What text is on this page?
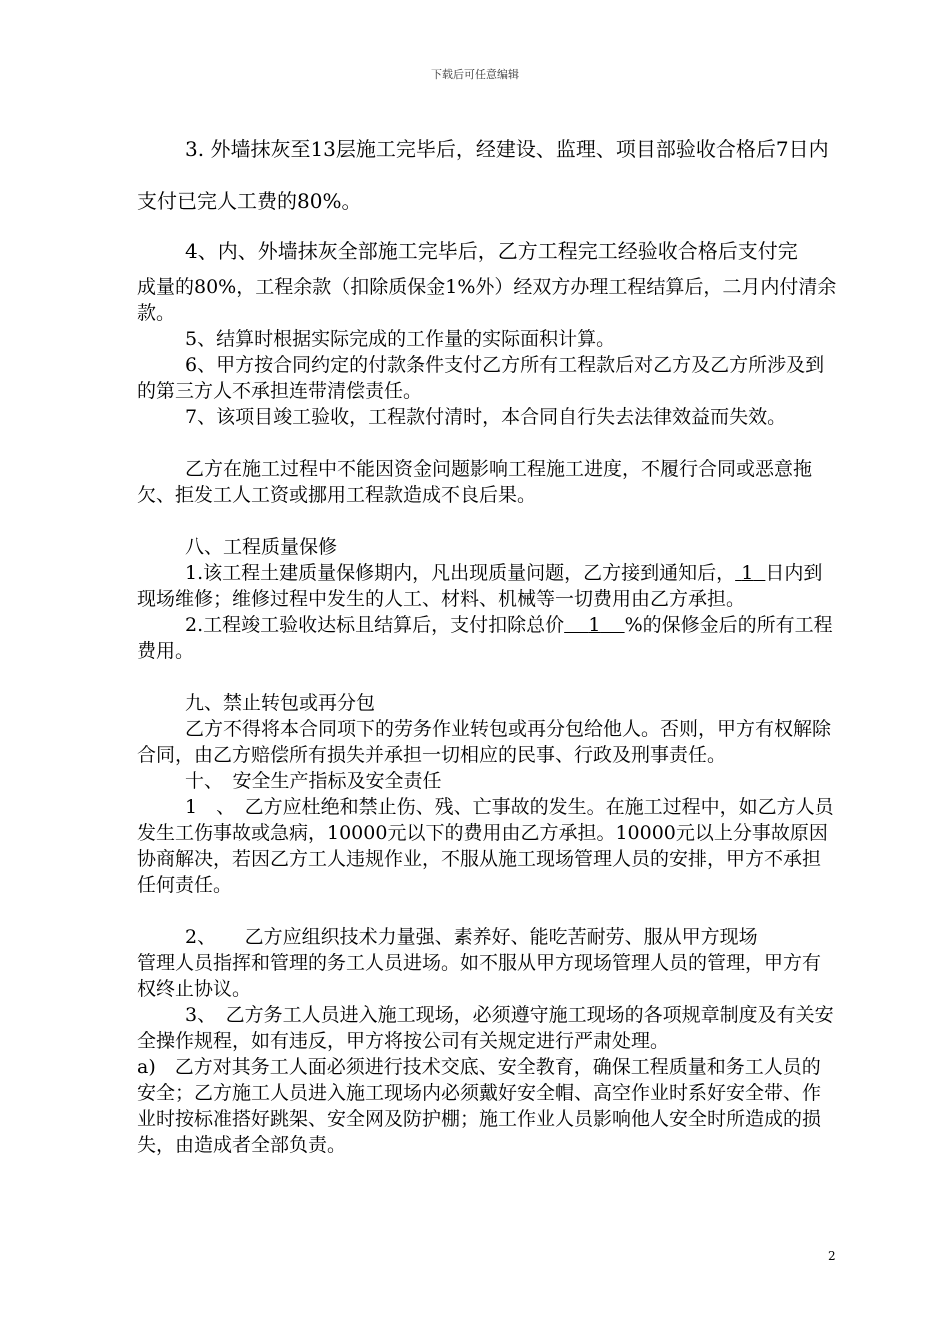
下载后可任意编辑

3. 外墙抹灰至13层施工完毕后，经建设、监理、项目部验收合格后7日内

支付已完人工费的80%。

4、内、外墙抹灰全部施工完毕后，乙方工程完工经验收合格后支付完

成量的80%，工程余款（扣除质保金1%外）经双方办理工程结算后，二月内付清余款。

5、结算时根据实际完成的工作量的实际面积计算。

6、甲方按合同约定的付款条件支付乙方所有工程款后对乙方及乙方所涉及到的第三方人不承担连带清偿责任。

7、该项目竣工验收，工程款付清时，本合同自行失去法律效益而失效。

乙方在施工过程中不能因资金问题影响工程施工进度，不履行合同或恶意拖欠、拒发工人工资或挪用工程款造成不良后果。

八、工程质量保修

1.该工程土建质量保修期内，凡出现质量问题，乙方接到通知后， 1 日内到现场维修；维修过程中发生的人工、材料、机械等一切费用由乙方承担。

2.工程竣工验收达标且结算后，支付扣除总价 1 %的保修金后的所有工程费用。

九、禁止转包或再分包

乙方不得将本合同项下的劳务作业转包或再分包给他人。否则，甲方有权解除合同，由乙方赔偿所有损失并承担一切相应的民事、行政及刑事责任。

十、　安全生产指标及安全责任

1　、　乙方应杜绝和禁止伤、残、亡事故的发生。在施工过程中，如乙方人员发生工伤事故或急病，10000元以下的费用由乙方承担。10000元以上分事故原因协商解决，若因乙方工人违规作业，不服从施工现场管理人员的安排，甲方不承担任何责任。

2、　　乙方应组织技术力量强、素养好、能吃苦耐劳、服从甲方现场

管理人员指挥和管理的务工人员进场。如不服从甲方现场管理人员的管理，甲方有权终止协议。

3、　乙方务工人员进入施工现场，必须遵守施工现场的各项规章制度及有关安全操作规程，如有违反，甲方将按公司有关规定进行严肃处理。

a)　乙方对其务工人面必须进行技术交底、安全教育，确保工程质量和务工人员的安全；乙方施工人员进入施工现场内必须戴好安全帽、高空作业时系好安全带、作业时按标准搭好跳架、安全网及防护棚；施工作业人员影响他人安全时所造成的损失，由造成者全部负责。

2
